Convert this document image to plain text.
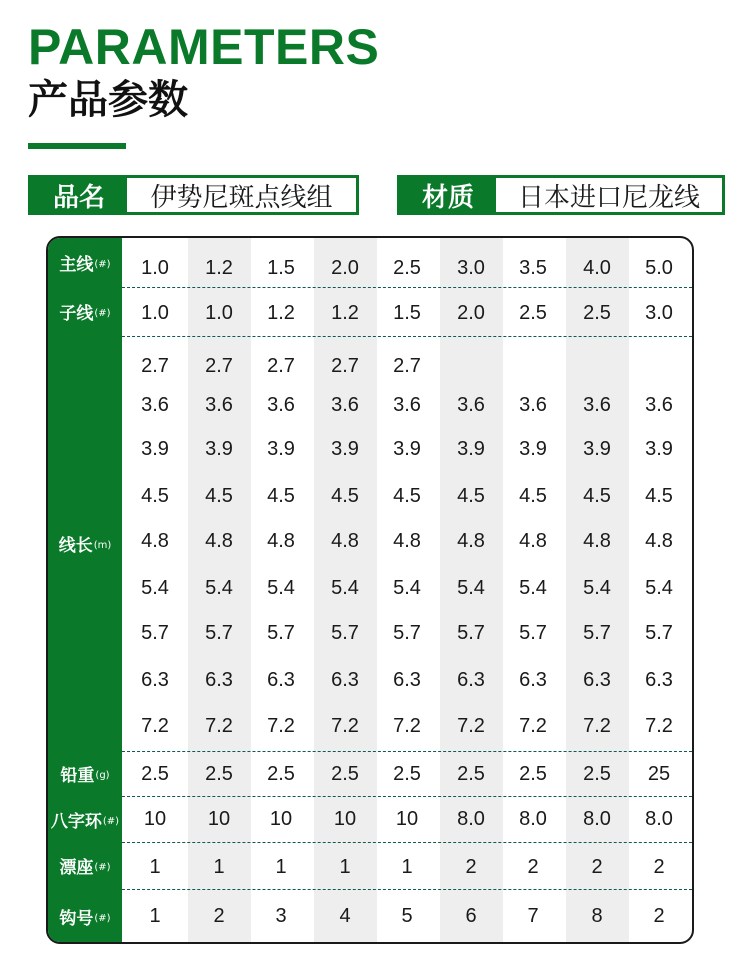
PARAMETERS
产品参数
品名	伊势尼斑点线组	材质	日本进口尼龙线
主线 (#)	1.0	1.2	1.5	2.0	2.5	3.0	3.5	4.0	5.0
子线 (#)	1.0	1.0	1.2	1.2	1.5	2.0	2.5	2.5	3.0
线长 (m)
2.7	2.7	2.7	2.7	2.7
3.6	3.6	3.6	3.6	3.6	3.6	3.6	3.6	3.6
3.9	3.9	3.9	3.9	3.9	3.9	3.9	3.9	3.9
4.5	4.5	4.5	4.5	4.5	4.5	4.5	4.5	4.5
4.8	4.8	4.8	4.8	4.8	4.8	4.8	4.8	4.8
5.4	5.4	5.4	5.4	5.4	5.4	5.4	5.4	5.4
5.7	5.7	5.7	5.7	5.7	5.7	5.7	5.7	5.7
6.3	6.3	6.3	6.3	6.3	6.3	6.3	6.3	6.3
7.2	7.2	7.2	7.2	7.2	7.2	7.2	7.2	7.2
铅重 (g)	2.5	2.5	2.5	2.5	2.5	2.5	2.5	2.5	25
八字环 (#)	10	10	10	10	10	8.0	8.0	8.0	8.0
漂座 (#)	1	1	1	1	1	2	2	2	2
钩号 (#)	1	2	3	4	5	6	7	8	2
